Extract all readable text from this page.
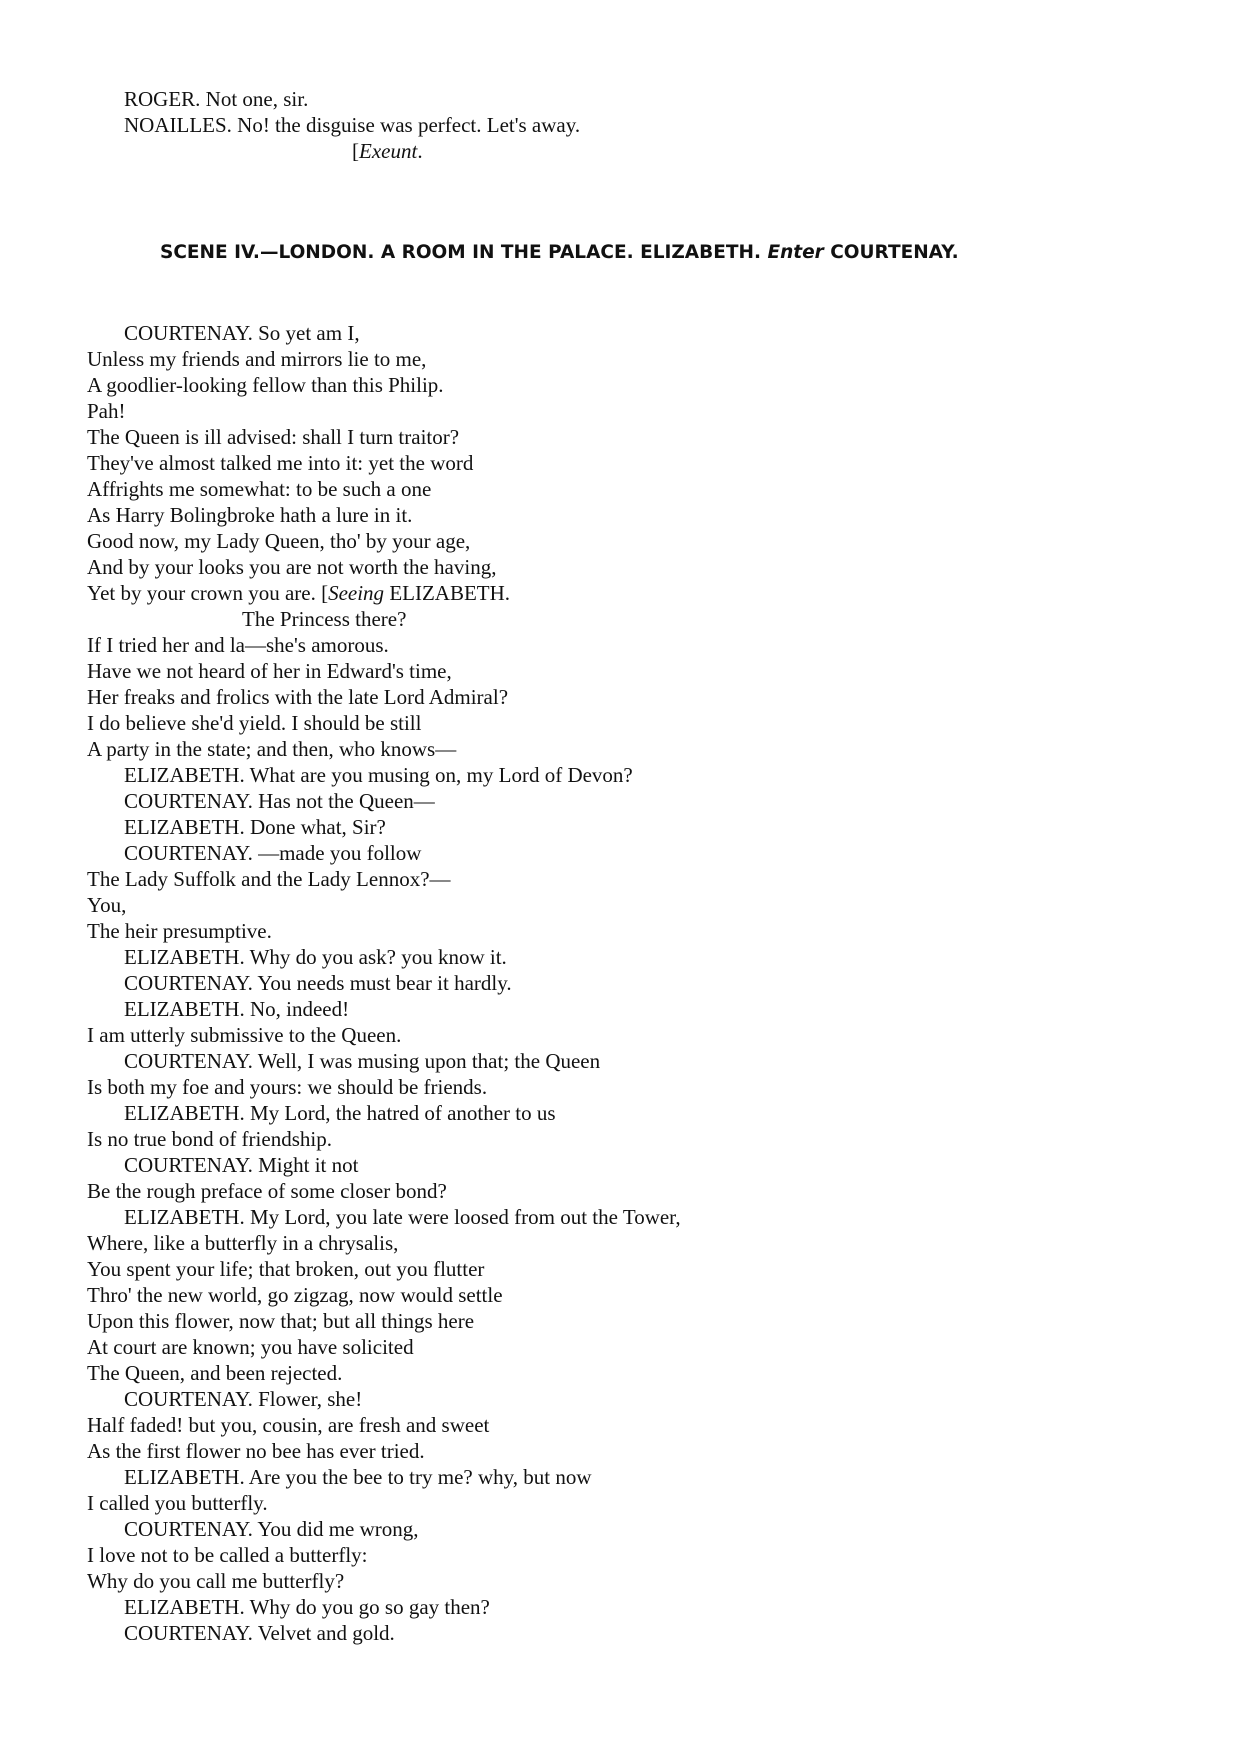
ROGER. Not one, sir.
NOAILLES. No! the disguise was perfect. Let's away.
[Exeunt.
SCENE IV.—LONDON. A ROOM IN THE PALACE. ELIZABETH. Enter COURTENAY.
COURTENAY. So yet am I,
Unless my friends and mirrors lie to me,
A goodlier-looking fellow than this Philip.
Pah!
The Queen is ill advised: shall I turn traitor?
They've almost talked me into it: yet the word
Affrights me somewhat: to be such a one
As Harry Bolingbroke hath a lure in it.
Good now, my Lady Queen, tho' by your age,
And by your looks you are not worth the having,
Yet by your crown you are. [Seeing ELIZABETH.
The Princess there?
If I tried her and la—she's amorous.
Have we not heard of her in Edward's time,
Her freaks and frolics with the late Lord Admiral?
I do believe she'd yield. I should be still
A party in the state; and then, who knows—
ELIZABETH. What are you musing on, my Lord of Devon?
COURTENAY. Has not the Queen—
ELIZABETH. Done what, Sir?
COURTENAY. —made you follow
The Lady Suffolk and the Lady Lennox?—
You,
The heir presumptive.
ELIZABETH. Why do you ask? you know it.
COURTENAY. You needs must bear it hardly.
ELIZABETH. No, indeed!
I am utterly submissive to the Queen.
COURTENAY. Well, I was musing upon that; the Queen
Is both my foe and yours: we should be friends.
ELIZABETH. My Lord, the hatred of another to us
Is no true bond of friendship.
COURTENAY. Might it not
Be the rough preface of some closer bond?
ELIZABETH. My Lord, you late were loosed from out the Tower,
Where, like a butterfly in a chrysalis,
You spent your life; that broken, out you flutter
Thro' the new world, go zigzag, now would settle
Upon this flower, now that; but all things here
At court are known; you have solicited
The Queen, and been rejected.
COURTENAY. Flower, she!
Half faded! but you, cousin, are fresh and sweet
As the first flower no bee has ever tried.
ELIZABETH. Are you the bee to try me? why, but now
I called you butterfly.
COURTENAY. You did me wrong,
I love not to be called a butterfly:
Why do you call me butterfly?
ELIZABETH. Why do you go so gay then?
COURTENAY. Velvet and gold.
